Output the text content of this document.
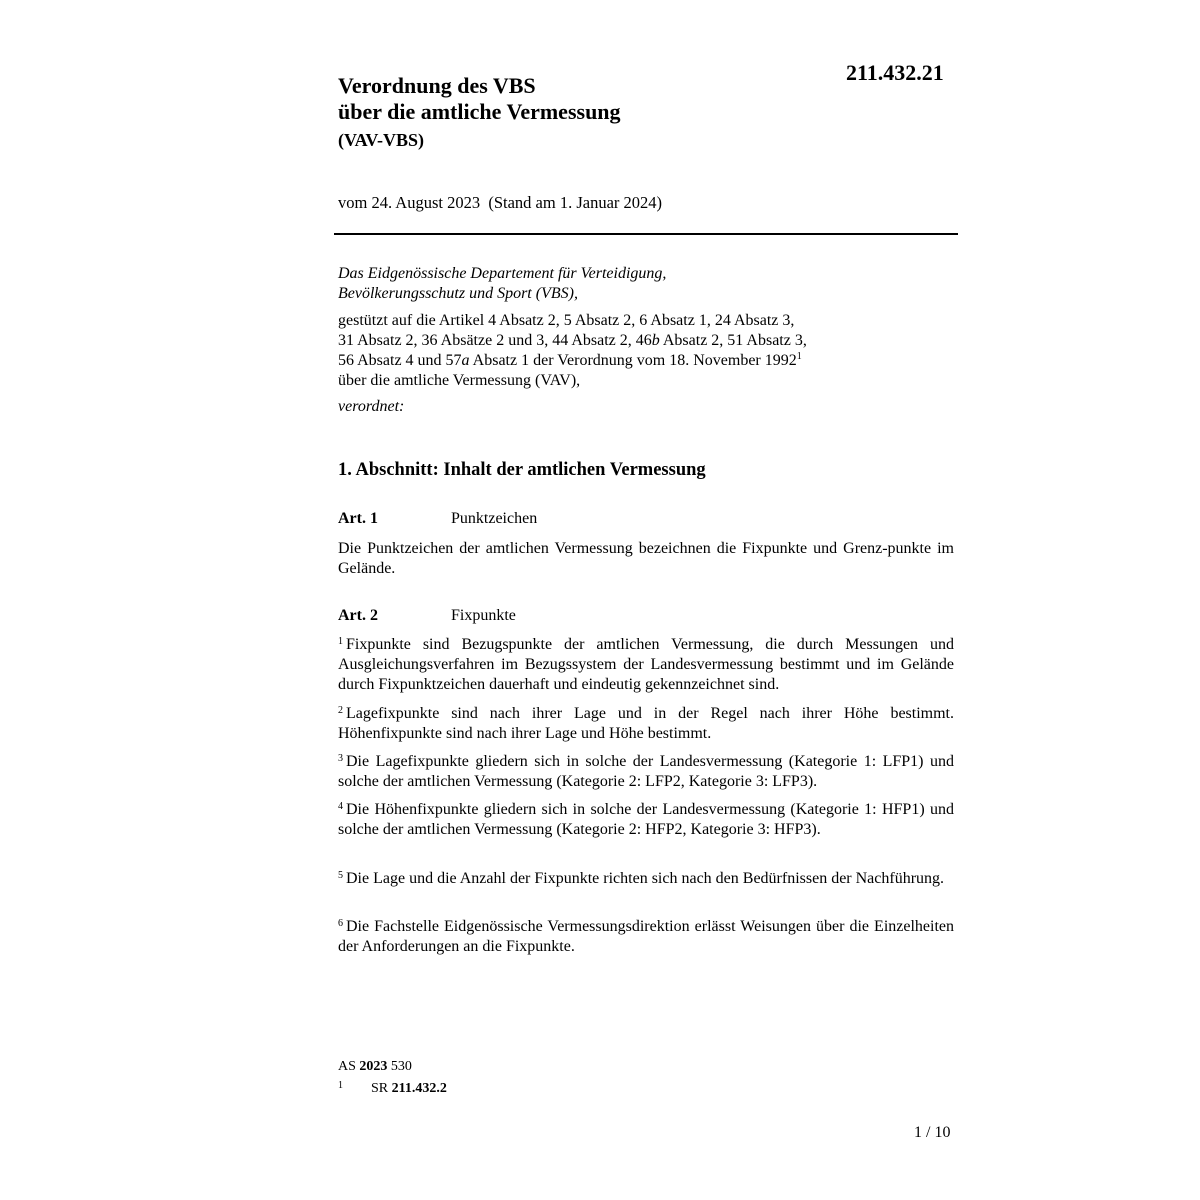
211.432.21
Verordnung des VBS
über die amtliche Vermessung
(VAV-VBS)
vom 24. August 2023  (Stand am 1. Januar 2024)
Das Eidgenössische Departement für Verteidigung,
Bevölkerungsschutz und Sport (VBS),
gestützt auf die Artikel 4 Absatz 2, 5 Absatz 2, 6 Absatz 1, 24 Absatz 3,
31 Absatz 2, 36 Absätze 2 und 3, 44 Absatz 2, 46b Absatz 2, 51 Absatz 3,
56 Absatz 4 und 57a Absatz 1 der Verordnung vom 18. November 1992$^1$
über die amtliche Vermessung (VAV),
verordnet:
1. Abschnitt: Inhalt der amtlichen Vermessung
Art. 1	Punktzeichen
Die Punktzeichen der amtlichen Vermessung bezeichnen die Fixpunkte und Grenz-punkte im Gelände.
Art. 2	Fixpunkte
$^1$ Fixpunkte sind Bezugspunkte der amtlichen Vermessung, die durch Messungen und Ausgleichungsverfahren im Bezugssystem der Landesvermessung bestimmt und im Gelände durch Fixpunktzeichen dauerhaft und eindeutig gekennzeichnet sind.
$^2$ Lagefixpunkte sind nach ihrer Lage und in der Regel nach ihrer Höhe bestimmt. Höhenfixpunkte sind nach ihrer Lage und Höhe bestimmt.
$^3$ Die Lagefixpunkte gliedern sich in solche der Landesvermessung (Kategorie 1: LFP1) und solche der amtlichen Vermessung (Kategorie 2: LFP2, Kategorie 3: LFP3).
$^4$ Die Höhenfixpunkte gliedern sich in solche der Landesvermessung (Kategorie 1: HFP1) und solche der amtlichen Vermessung (Kategorie 2: HFP2, Kategorie 3: HFP3).
$^5$ Die Lage und die Anzahl der Fixpunkte richten sich nach den Bedürfnissen der Nachführung.
$^6$ Die Fachstelle Eidgenössische Vermessungsdirektion erlässt Weisungen über die Einzelheiten der Anforderungen an die Fixpunkte.
AS 2023 530
1 SR 211.432.2
1 / 10
